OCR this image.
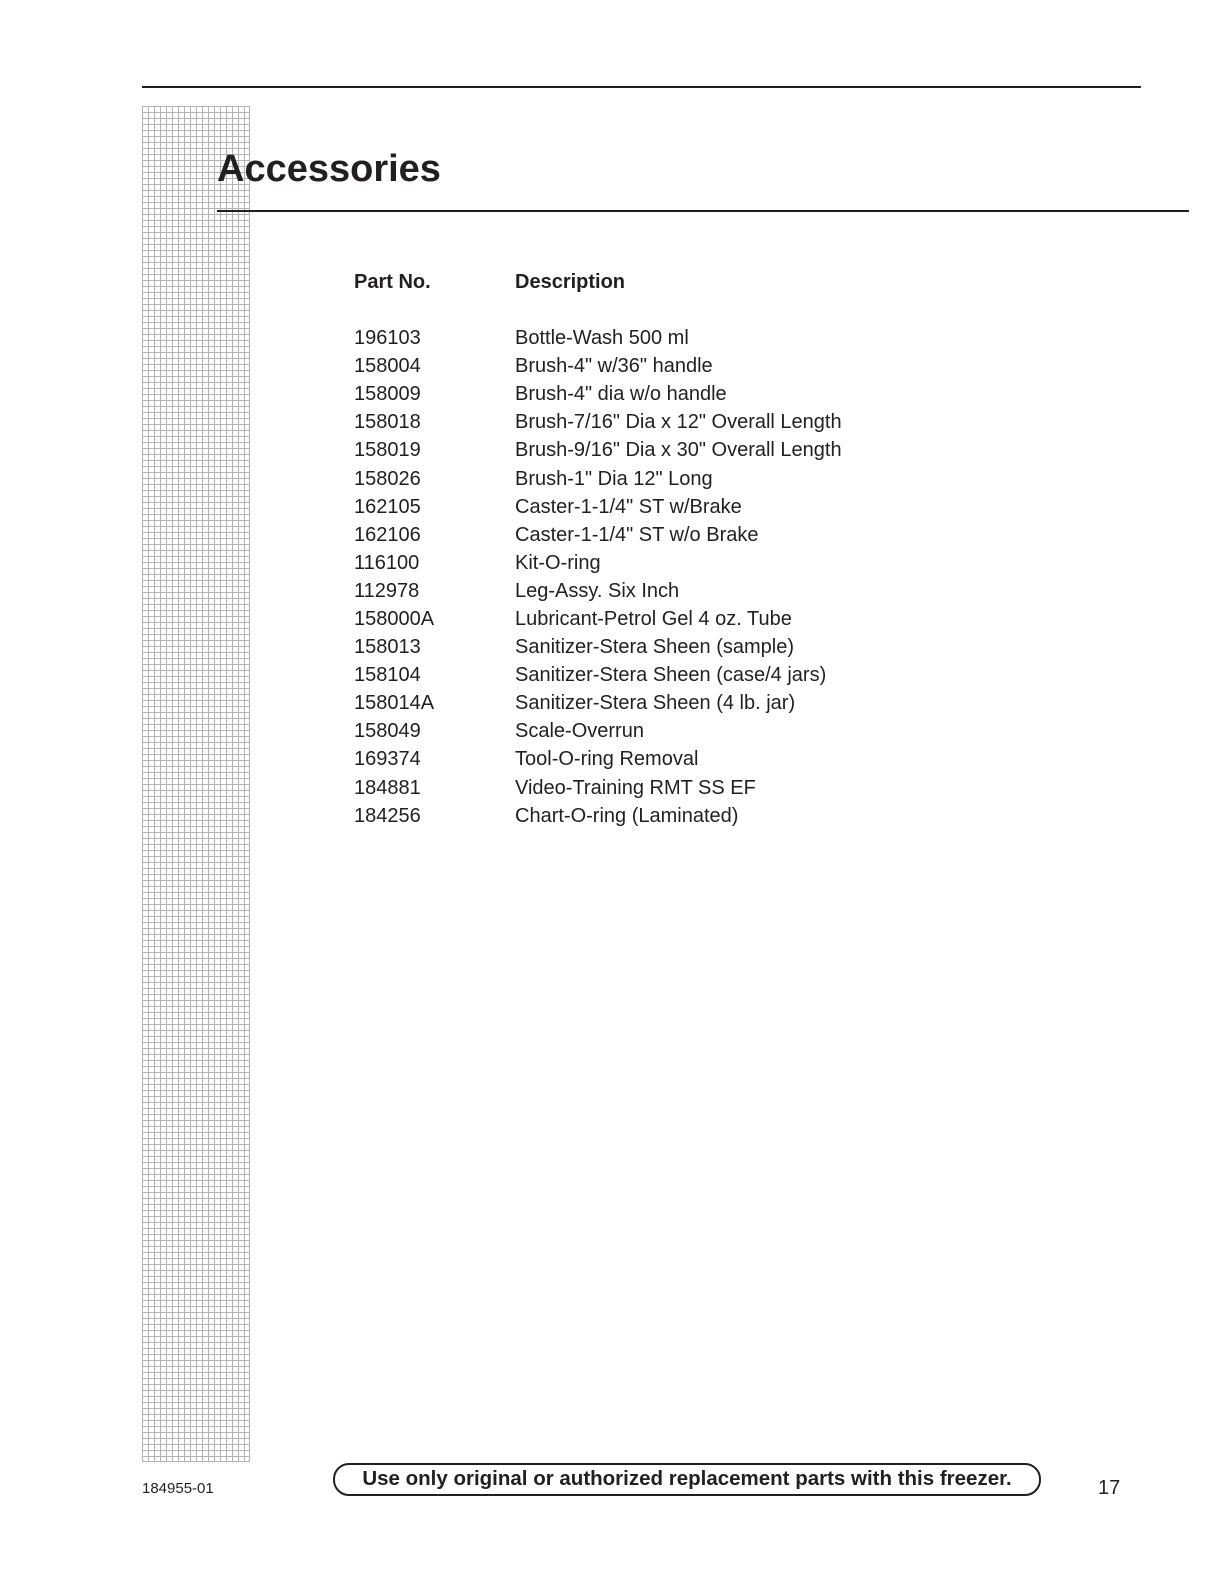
Accessories
Part No.	Description

196103	Bottle-Wash 500 ml
158004	Brush-4" w/36" handle
158009	Brush-4" dia w/o handle
158018	Brush-7/16" Dia x 12" Overall Length
158019	Brush-9/16" Dia x 30" Overall Length
158026	Brush-1" Dia 12" Long
162105	Caster-1-1/4" ST w/Brake
162106	Caster-1-1/4" ST w/o Brake
116100	Kit-O-ring
112978	Leg-Assy. Six Inch
158000A	Lubricant-Petrol Gel 4 oz. Tube
158013	Sanitizer-Stera Sheen (sample)
158104	Sanitizer-Stera Sheen (case/4 jars)
158014A	Sanitizer-Stera Sheen (4 lb. jar)
158049	Scale-Overrun
169374	Tool-O-ring Removal
184881	Video-Training RMT SS EF
184256	Chart-O-ring (Laminated)
184955-01	Use only original or authorized replacement parts with this freezer.	17
